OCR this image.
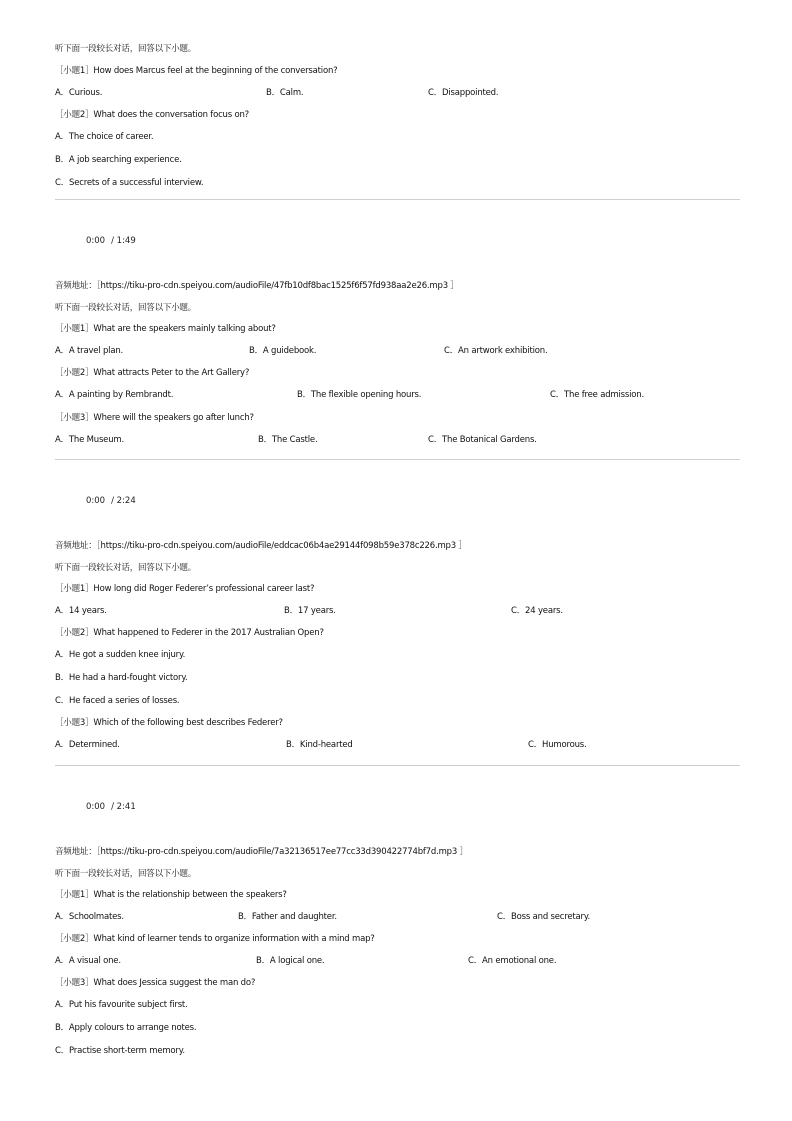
听下面一段较长对话，回答以下小题。
［小题1］How does Marcus feel at the beginning of the conversation?
A．Curious.	B．Calm.	C．Disappointed.
［小题2］What does the conversation focus on?
A．The choice of career.
B．A job searching experience.
C．Secrets of a successful interview.
0:00 / 1:49
音频地址：［https://tiku-pro-cdn.speiyou.com/audioFile/47fb10df8bac1525f6f57fd938aa2e26.mp3 ］
听下面一段较长对话，回答以下小题。
［小题1］What are the speakers mainly talking about?
A．A travel plan.	B．A guidebook.	C．An artwork exhibition.
［小题2］What attracts Peter to the Art Gallery?
A．A painting by Rembrandt.	B．The flexible opening hours.	C．The free admission.
［小题3］Where will the speakers go after lunch?
A．The Museum.	B．The Castle.	C．The Botanical Gardens.
0:00 / 2:24
音频地址：［https://tiku-pro-cdn.speiyou.com/audioFile/eddcac06b4ae29144f098b59e378c226.mp3 ］
听下面一段较长对话，回答以下小题。
［小题1］How long did Roger Federer’s professional career last?
A．14 years.	B．17 years.	C．24 years.
［小题2］What happened to Federer in the 2017 Australian Open?
A．He got a sudden knee injury.
B．He had a hard-fought victory.
C．He faced a series of losses.
［小题3］Which of the following best describes Federer?
A．Determined.	B．Kind-hearted	C．Humorous.
0:00 / 2:41
音频地址：［https://tiku-pro-cdn.speiyou.com/audioFile/7a32136517ee77cc33d390422774bf7d.mp3 ］
听下面一段较长对话，回答以下小题。
［小题1］What is the relationship between the speakers?
A．Schoolmates.	B．Father and daughter.	C．Boss and secretary.
［小题2］What kind of learner tends to organize information with a mind map?
A．A visual one.	B．A logical one.	C．An emotional one.
［小题3］What does Jessica suggest the man do?
A．Put his favourite subject first.
B．Apply colours to arrange notes.
C．Practise short-term memory.
